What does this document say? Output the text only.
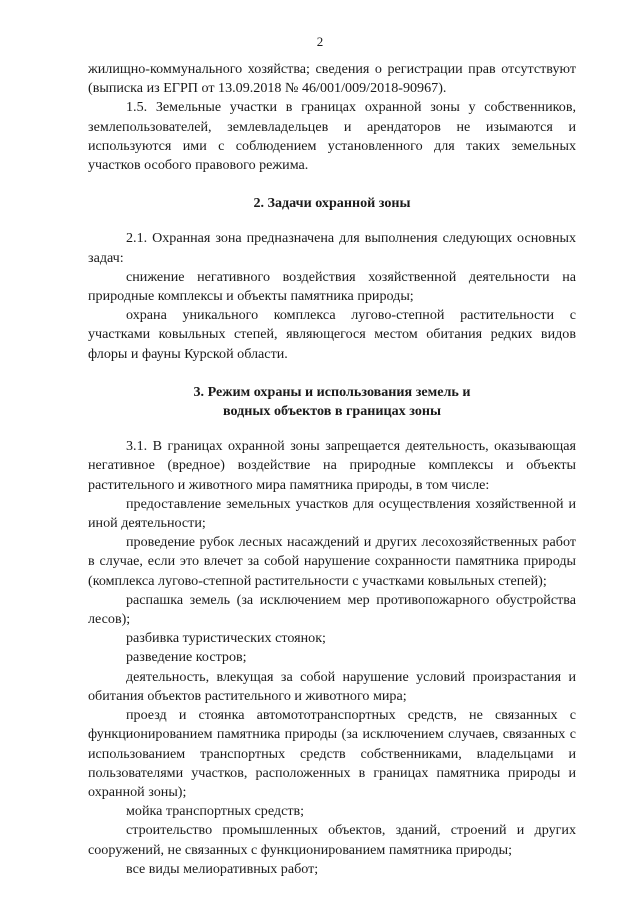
2

жилищно-коммунального хозяйства; сведения о регистрации прав отсутствуют (выписка из ЕГРП от 13.09.2018 № 46/001/009/2018-90967).

1.5. Земельные участки в границах охранной зоны у собственников, землепользователей, землевладельцев и арендаторов не изымаются и используются ими с соблюдением установленного для таких земельных участков особого правового режима.

2. Задачи охранной зоны

2.1. Охранная зона предназначена для выполнения следующих основных задач:

снижение негативного воздействия хозяйственной деятельности на природные комплексы и объекты памятника природы;

охрана уникального комплекса лугово-степной растительности с участками ковыльных степей, являющегося местом обитания редких видов флоры и фауны Курской области.

3. Режим охраны и использования земель и
водных объектов в границах зоны

3.1. В границах охранной зоны запрещается деятельность, оказывающая негативное (вредное) воздействие на природные комплексы и объекты растительного и животного мира памятника природы, в том числе:

предоставление земельных участков для осуществления хозяйственной и иной деятельности;

проведение рубок лесных насаждений и других лесохозяйственных работ в случае, если это влечет за собой нарушение сохранности памятника природы (комплекса лугово-степной растительности с участками ковыльных степей);

распашка земель (за исключением мер противопожарного обустройства лесов);

разбивка туристических стоянок;

разведение костров;

деятельность, влекущая за собой нарушение условий произрастания и обитания объектов растительного и животного мира;

проезд и стоянка автомототранспортных средств, не связанных с функционированием памятника природы (за исключением случаев, связанных с использованием транспортных средств собственниками, владельцами и пользователями участков, расположенных в границах памятника природы и охранной зоны);

мойка транспортных средств;

строительство промышленных объектов, зданий, строений и других сооружений, не связанных с функционированием памятника природы;

все виды мелиоративных работ;
